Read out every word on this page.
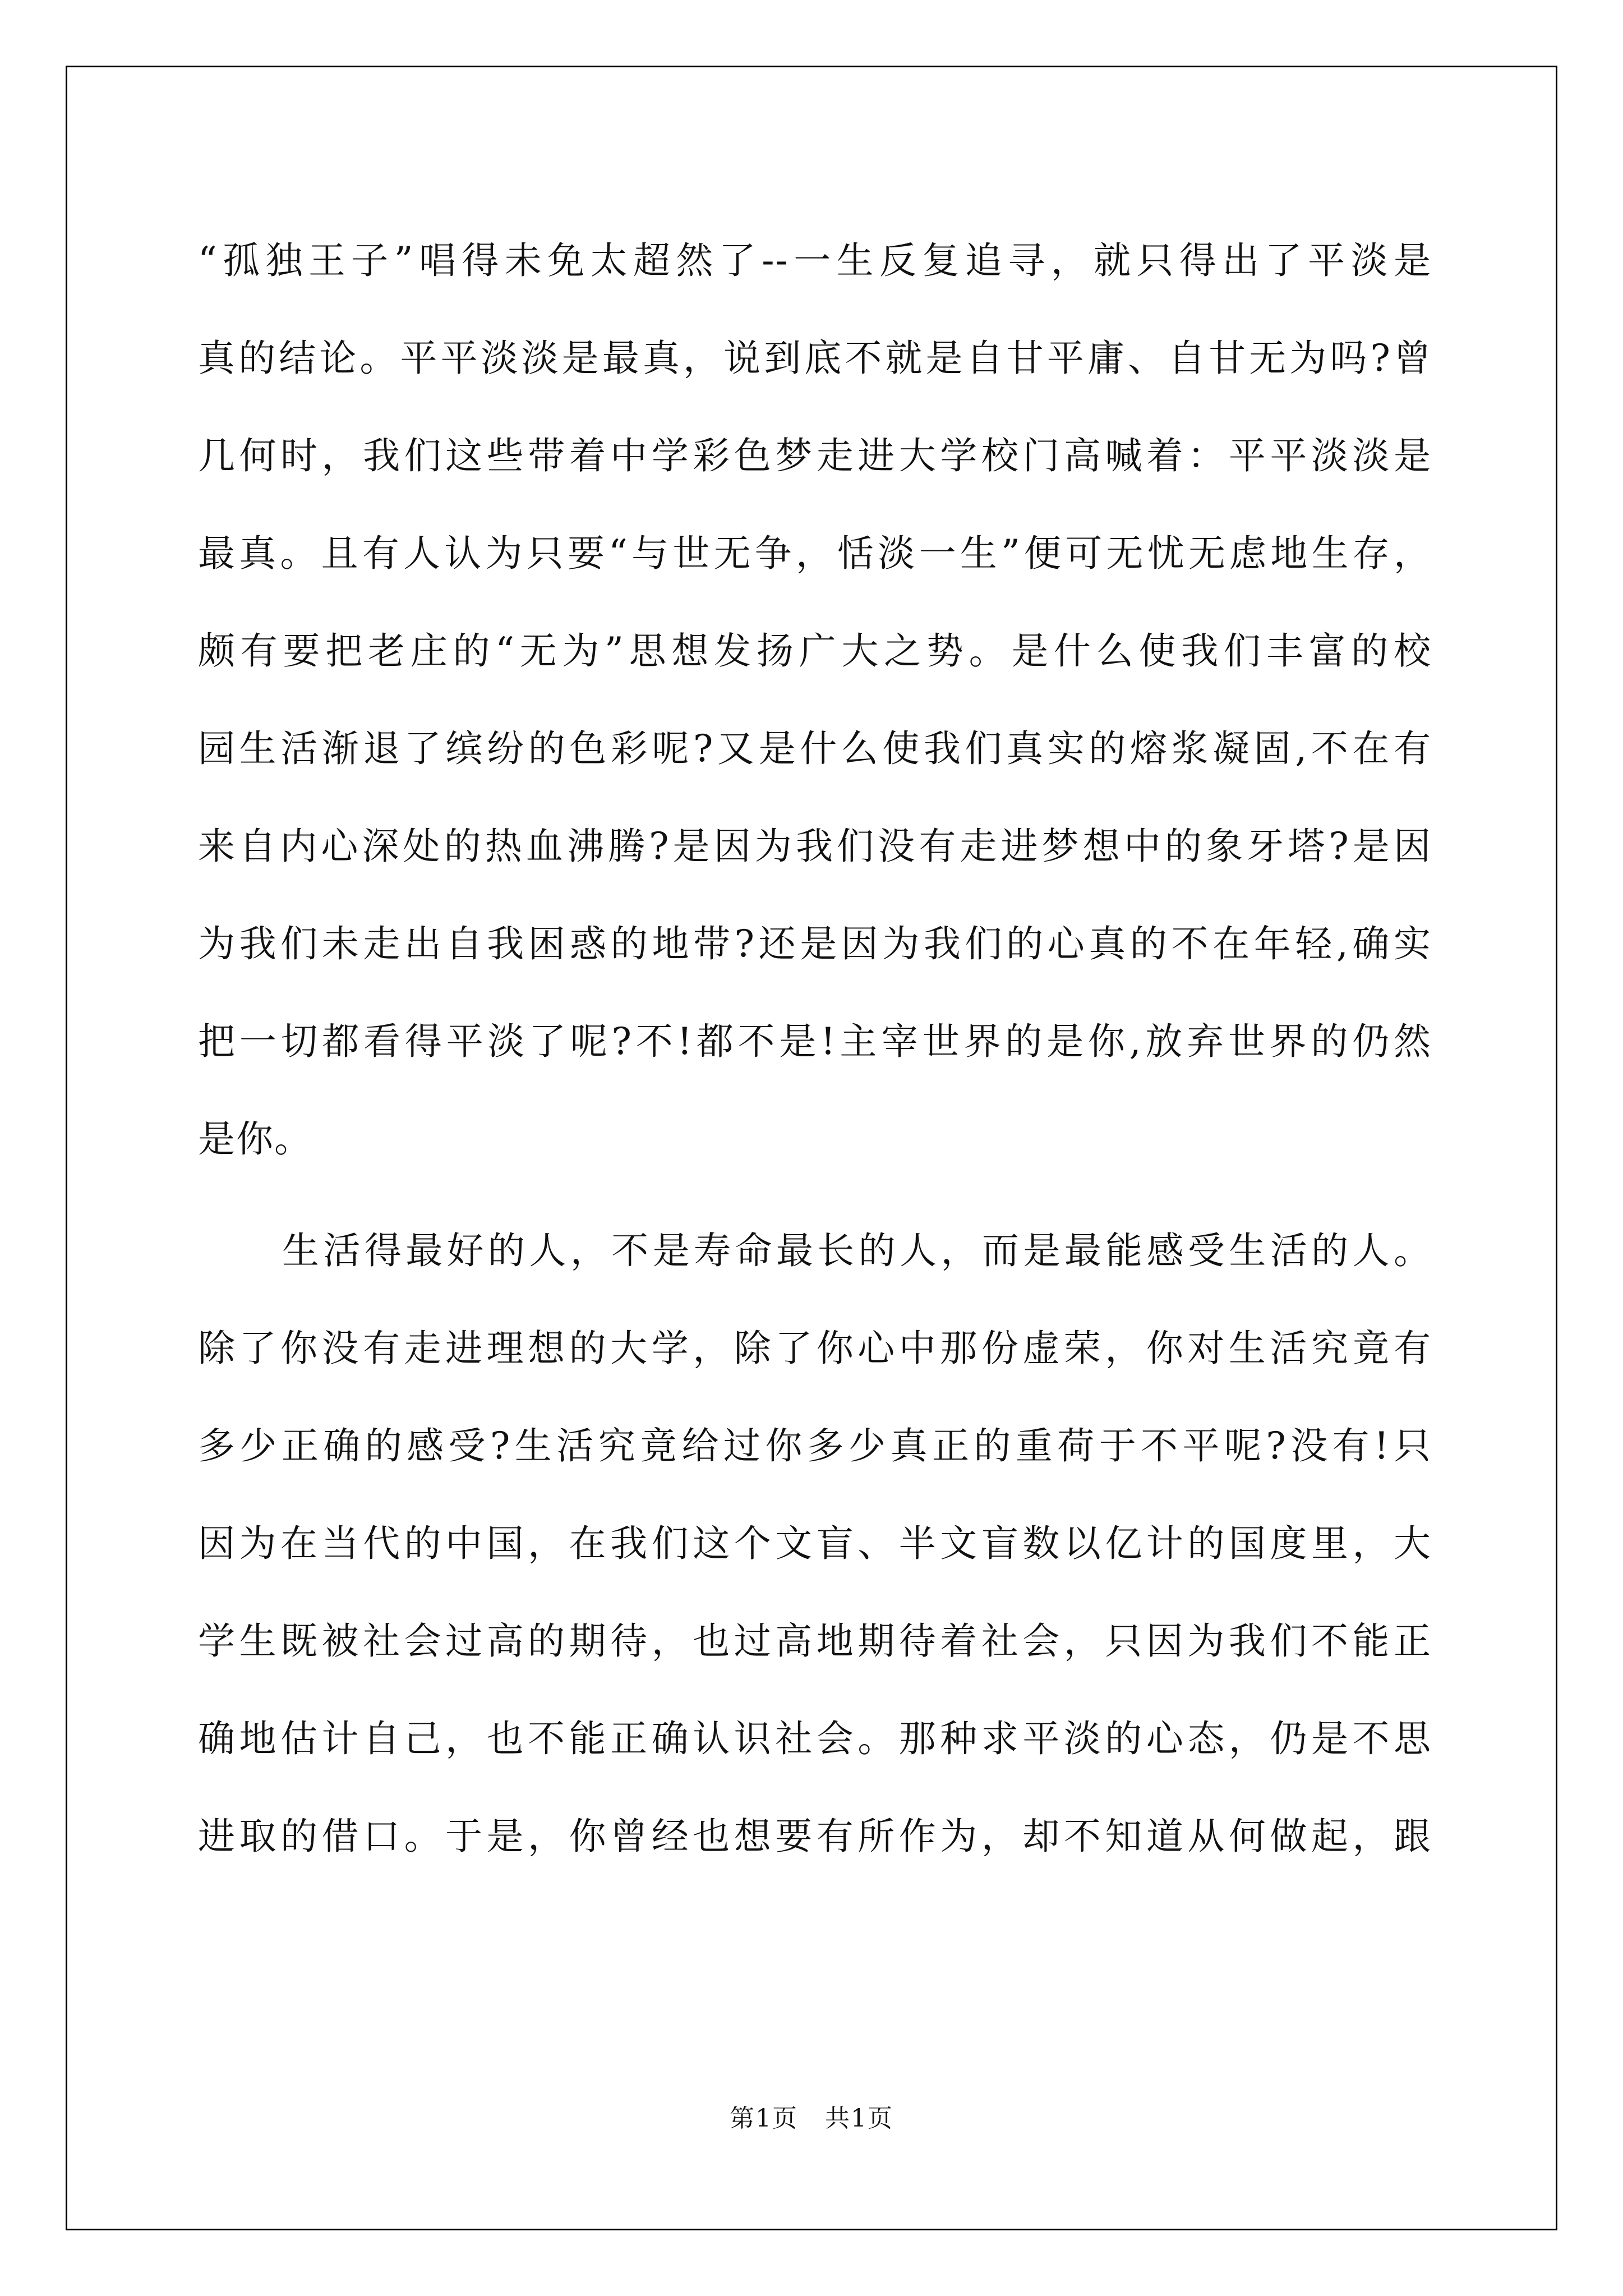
“孤独王子”唱得未免太超然了--一生反复追寻，就只得出了平淡是
真的结论。平平淡淡是最真，说到底不就是自甘平庸、自甘无为吗?曾
几何时，我们这些带着中学彩色梦走进大学校门高喊着：平平淡淡是
最真。且有人认为只要“与世无争，恬淡一生”便可无忧无虑地生存，
颇有要把老庄的“无为”思想发扬广大之势。是什么使我们丰富的校
园生活渐退了缤纷的色彩呢?又是什么使我们真实的熔浆凝固,不在有
来自内心深处的热血沸腾?是因为我们没有走进梦想中的象牙塔?是因
为我们未走出自我困惑的地带?还是因为我们的心真的不在年轻,确实
把一切都看得平淡了呢?不!都不是!主宰世界的是你,放弃世界的仍然
是你。
生活得最好的人，不是寿命最长的人，而是最能感受生活的人。
除了你没有走进理想的大学，除了你心中那份虚荣，你对生活究竟有
多少正确的感受?生活究竟给过你多少真正的重荷于不平呢?没有!只
因为在当代的中国，在我们这个文盲、半文盲数以亿计的国度里，大
学生既被社会过高的期待，也过高地期待着社会，只因为我们不能正
确地估计自己，也不能正确认识社会。那种求平淡的心态，仍是不思
进取的借口。于是，你曾经也想要有所作为，却不知道从何做起，跟
第1页 共1页
